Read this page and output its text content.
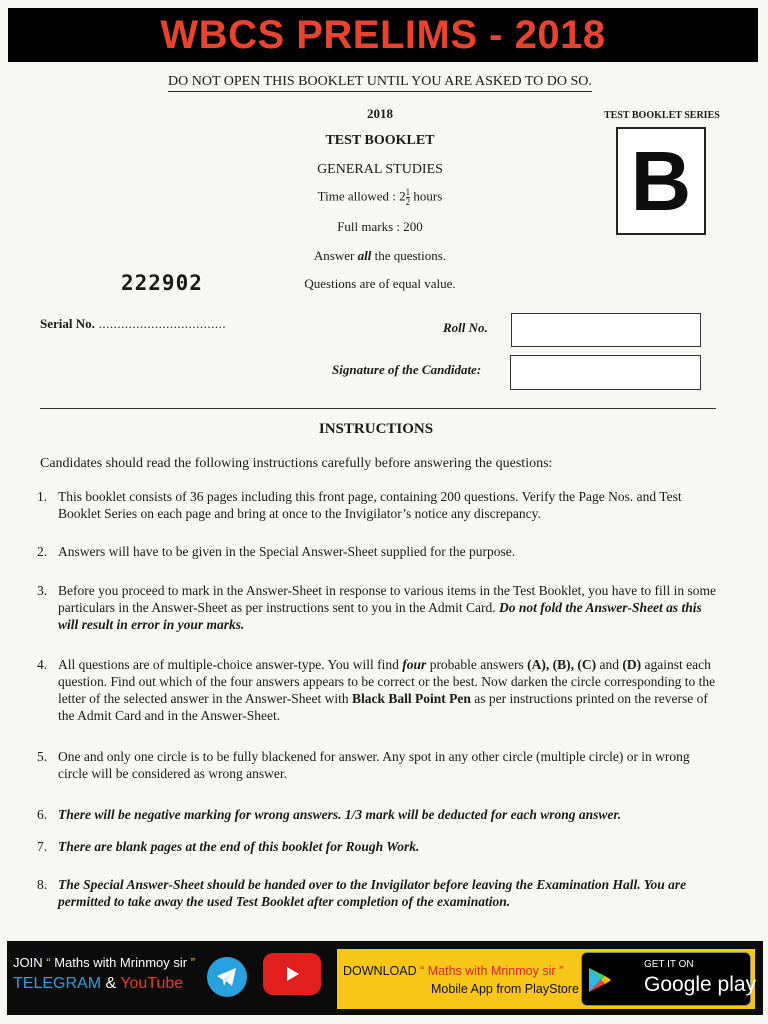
WBCS PRELIMS - 2018
DO NOT OPEN THIS BOOKLET UNTIL YOU ARE ASKED TO DO SO.
2018
TEST BOOKLET
GENERAL STUDIES
Time allowed : $2 \frac{1}{2}$ hours
Full marks : 200
Answer all the questions.
Questions are of equal value.
TEST BOOKLET SERIES
B
222902
Serial No. ..................................	Roll No.
Signature of the Candidate:
INSTRUCTIONS
Candidates should read the following instructions carefully before answering the questions:
1. This booklet consists of 36 pages including this front page, containing 200 questions. Verify the Page Nos. and Test Booklet Series on each page and bring at once to the Invigilator’s notice any discrepancy.
2. Answers will have to be given in the Special Answer-Sheet supplied for the purpose.
3. Before you proceed to mark in the Answer-Sheet in response to various items in the Test Booklet, you have to fill in some particulars in the Answer-Sheet as per instructions sent to you in the Admit Card. Do not fold the Answer-Sheet as this will result in error in your marks.
4. All questions are of multiple-choice answer-type. You will find four probable answers (A), (B), (C) and (D) against each question. Find out which of the four answers appears to be correct or the best. Now darken the circle corresponding to the letter of the selected answer in the Answer-Sheet with Black Ball Point Pen as per instructions printed on the reverse of the Admit Card and in the Answer-Sheet.
5. One and only one circle is to be fully blackened for answer. Any spot in any other circle (multiple circle) or in wrong circle will be considered as wrong answer.
6. There will be negative marking for wrong answers. 1/3 mark will be deducted for each wrong answer.
7. There are blank pages at the end of this booklet for Rough Work.
8. The Special Answer-Sheet should be handed over to the Invigilator before leaving the Examination Hall. You are permitted to take away the used Test Booklet after completion of the examination.
JOIN “ Maths with Mrinmoy sir ”
TELEGRAM & YouTube
DOWNLOAD “ Maths with Mrinmoy sir ”
Mobile App from PlayStore
GET IT ON
Google play
